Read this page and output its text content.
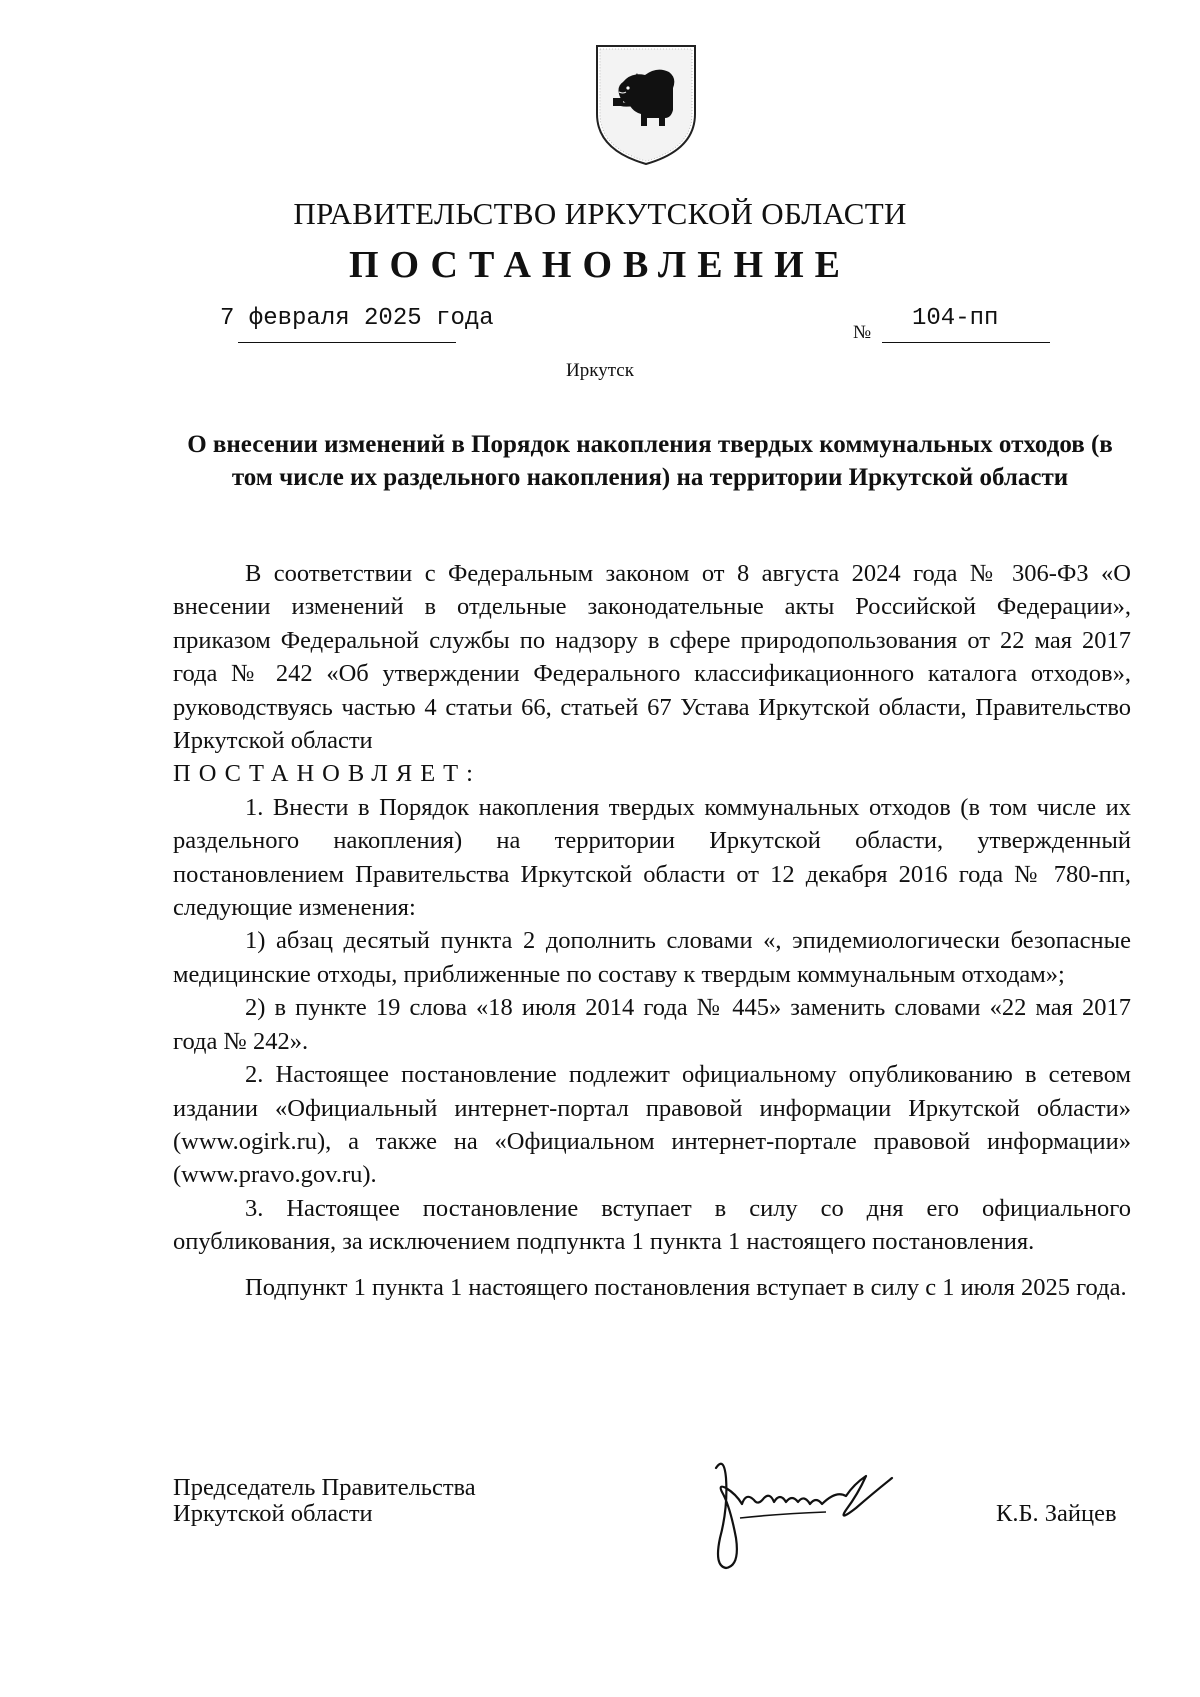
ПРАВИТЕЛЬСТВО ИРКУТСКОЙ ОБЛАСТИ
ПОСТАНОВЛЕНИЕ
7 февраля 2025 года
№
104-пп
Иркутск
О внесении изменений в Порядок накопления твердых коммунальных отходов (в том числе их раздельного накопления) на территории Иркутской области

В соответствии с Федеральным законом от 8 августа 2024 года № 306-ФЗ «О внесении изменений в отдельные законодательные акты Российской Федерации», приказом Федеральной службы по надзору в сфере природопользования от 22 мая 2017 года № 242 «Об утверждении Федерального классификационного каталога отходов», руководствуясь частью 4 статьи 66, статьей 67 Устава Иркутской области, Правительство Иркутской области

ПОСТАНОВЛЯЕТ:

1. Внести в Порядок накопления твердых коммунальных отходов (в том числе их раздельного накопления) на территории Иркутской области, утвержденный постановлением Правительства Иркутской области от 12 декабря 2016 года № 780-пп, следующие изменения:

1) абзац десятый пункта 2 дополнить словами «, эпидемиологически безопасные медицинские отходы, приближенные по составу к твердым коммунальным отходам»;

2) в пункте 19 слова «18 июля 2014 года № 445» заменить словами «22 мая 2017 года № 242».

2. Настоящее постановление подлежит официальному опубликованию в сетевом издании «Официальный интернет-портал правовой информации Иркутской области» (www.ogirk.ru), а также на «Официальном интернет-портале правовой информации» (www.pravo.gov.ru).

3. Настоящее постановление вступает в силу со дня его официального опубликования, за исключением подпункта 1 пункта 1 настоящего постановления.

Подпункт 1 пункта 1 настоящего постановления вступает в силу с 1 июля 2025 года.

Председатель Правительства
Иркутской области	К.Б. Зайцев
